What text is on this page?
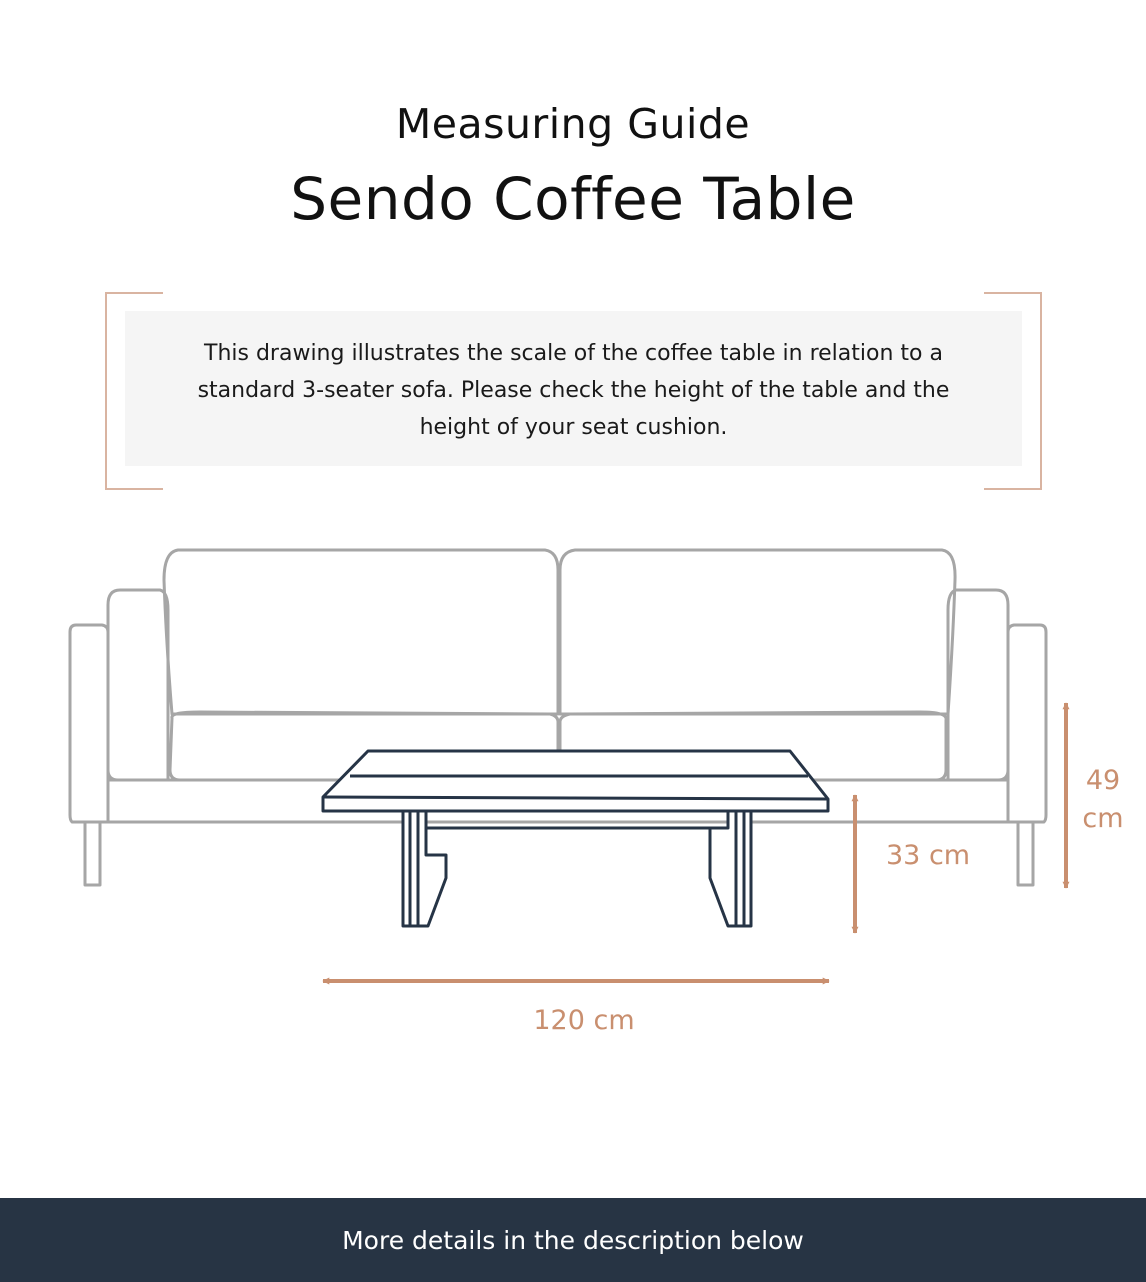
Measuring Guide
Sendo Coffee Table
This drawing illustrates the scale of the coffee table in relation to a standard 3-seater sofa. Please check the height of the table and the height of your seat cushion.
120 cm
33 cm
49 cm
More details in the description below
